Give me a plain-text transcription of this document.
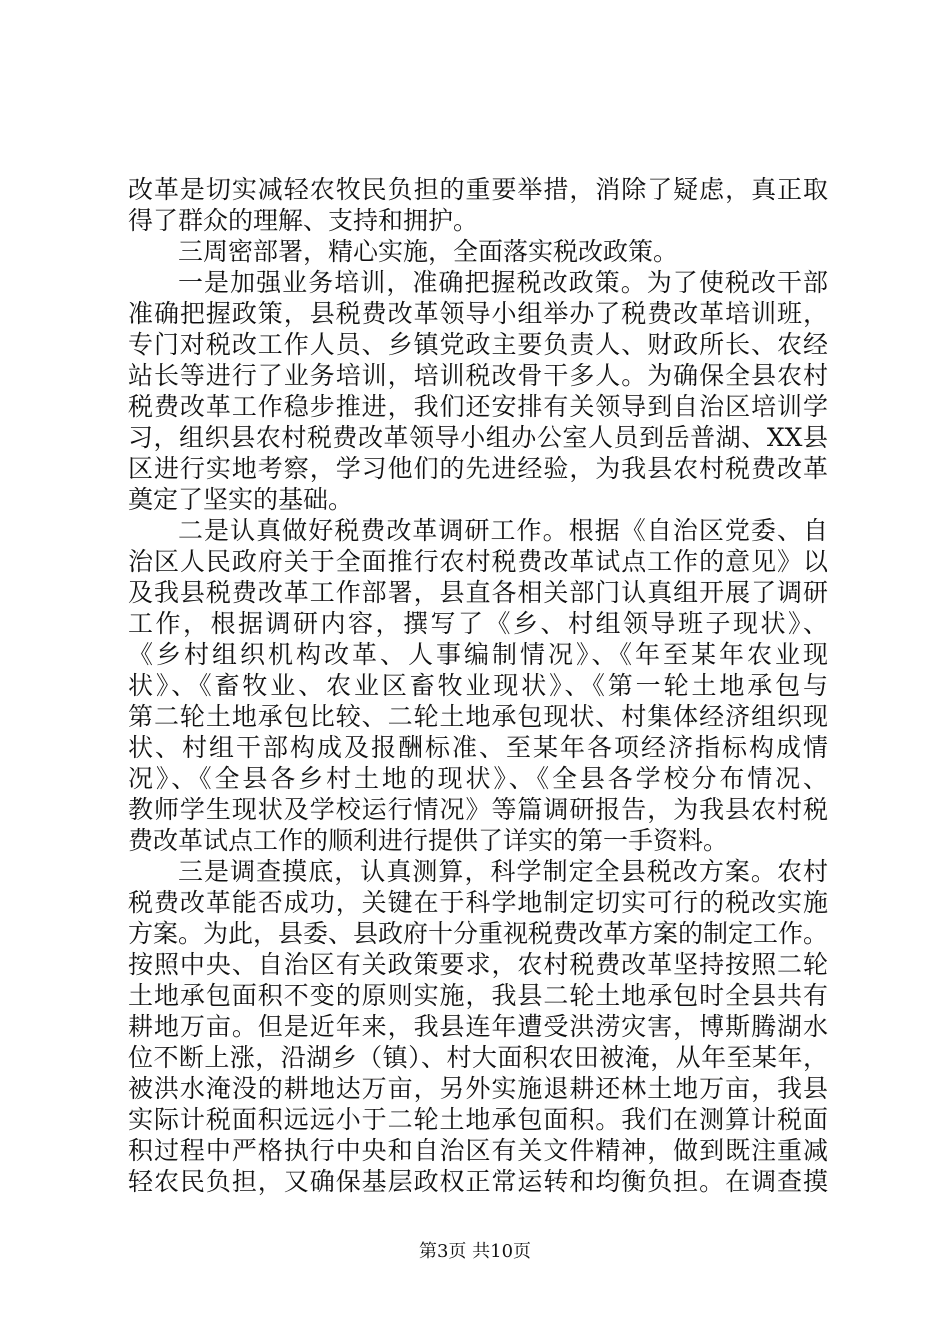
改革是切实减轻农牧民负担的重要举措，消除了疑虑，真正取
得了群众的理解、支持和拥护。
三周密部署，精心实施，全面落实税改政策。
一是加强业务培训，准确把握税改政策。为了使税改干部
准确把握政策，县税费改革领导小组举办了税费改革培训班，
专门对税改工作人员、乡镇党政主要负责人、财政所长、农经
站长等进行了业务培训，培训税改骨干多人。为确保全县农村
税费改革工作稳步推进，我们还安排有关领导到自治区培训学
习，组织县农村税费改革领导小组办公室人员到岳普湖、XX县
区进行实地考察，学习他们的先进经验，为我县农村税费改革
奠定了坚实的基础。
二是认真做好税费改革调研工作。根据《自治区党委、自
治区人民政府关于全面推行农村税费改革试点工作的意见》以
及我县税费改革工作部署，县直各相关部门认真组开展了调研
工作，根据调研内容，撰写了《乡、村组领导班子现状》、
《乡村组织机构改革、人事编制情况》、《年至某年农业现
状》、《畜牧业、农业区畜牧业现状》、《第一轮土地承包与
第二轮土地承包比较、二轮土地承包现状、村集体经济组织现
状、村组干部构成及报酬标准、至某年各项经济指标构成情
况》、《全县各乡村土地的现状》、《全县各学校分布情况、
教师学生现状及学校运行情况》等篇调研报告，为我县农村税
费改革试点工作的顺利进行提供了详实的第一手资料。
三是调查摸底，认真测算，科学制定全县税改方案。农村
税费改革能否成功，关键在于科学地制定切实可行的税改实施
方案。为此，县委、县政府十分重视税费改革方案的制定工作。
按照中央、自治区有关政策要求，农村税费改革坚持按照二轮
土地承包面积不变的原则实施，我县二轮土地承包时全县共有
耕地万亩。但是近年来，我县连年遭受洪涝灾害，博斯腾湖水
位不断上涨，沿湖乡（镇）、村大面积农田被淹，从年至某年，
被洪水淹没的耕地达万亩，另外实施退耕还林土地万亩，我县
实际计税面积远远小于二轮土地承包面积。我们在测算计税面
积过程中严格执行中央和自治区有关文件精神，做到既注重减
轻农民负担，又确保基层政权正常运转和均衡负担。在调查摸
第3页 共10页
